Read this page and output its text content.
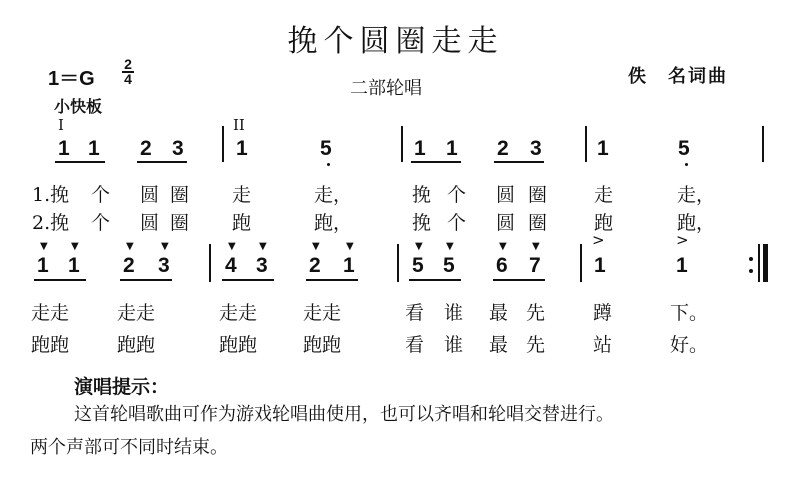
挽个圆圈走走
1＝G
2
4	二部轮唱
佚　名词曲
小快板
I	II
1 1 2 3 1	5	1 1 2 3	1	5
1.挽 个 圆 圈 走	走，	挽 个 圆 圈 走	走，
2.挽 个 圆 圈 跑	跑，	挽 个 圆 圈 跑	跑，
▼ ▼	▼	▼	▼ ▼	▼	▼	▼ ▼	▼	▼	>	>
1 1 2 3	4 3 2 1	5 5 6 7	1	1
走走	走走	走走 走走	看 谁 最 先	蹲	下。
跑跑	跑跑	跑跑 跑跑	看 谁 最 先	站	好。
演唱提示：
这首轮唱歌曲可作为游戏轮唱曲使用，也可以齐唱和轮唱交替进行。
两个声部可不同时结束。
